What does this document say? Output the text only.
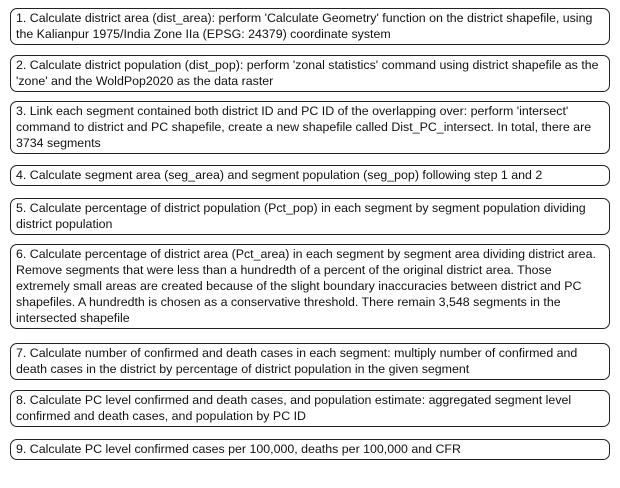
1. Calculate district area (dist_area): perform 'Calculate Geometry' function on the district shapefile, using the Kalianpur 1975/India Zone IIa (EPSG: 24379) coordinate system
2. Calculate district population (dist_pop): perform 'zonal statistics' command using district shapefile as the 'zone' and the WoldPop2020 as the data raster
3. Link each segment contained both district ID and PC ID of the overlapping over: perform 'intersect' command to district and PC shapefile, create a new shapefile called Dist_PC_intersect. In total, there are 3734 segments
4. Calculate segment area (seg_area) and segment population (seg_pop) following step 1 and 2
5. Calculate percentage of district population (Pct_pop) in each segment by segment population dividing district population
6. Calculate percentage of district area (Pct_area) in each segment by segment area dividing district area. Remove segments that were less than a hundredth of a percent of the original district area. Those extremely small areas are created because of the slight boundary inaccuracies between district and PC shapefiles. A hundredth is chosen as a conservative threshold. There remain 3,548 segments in the intersected shapefile
7. Calculate number of confirmed and death cases in each segment: multiply number of confirmed and death cases in the district by percentage of district population in the given segment
8. Calculate PC level confirmed and death cases, and population estimate: aggregated segment level confirmed and death cases, and population by PC ID
9. Calculate PC level confirmed cases per 100,000, deaths per 100,000 and CFR
